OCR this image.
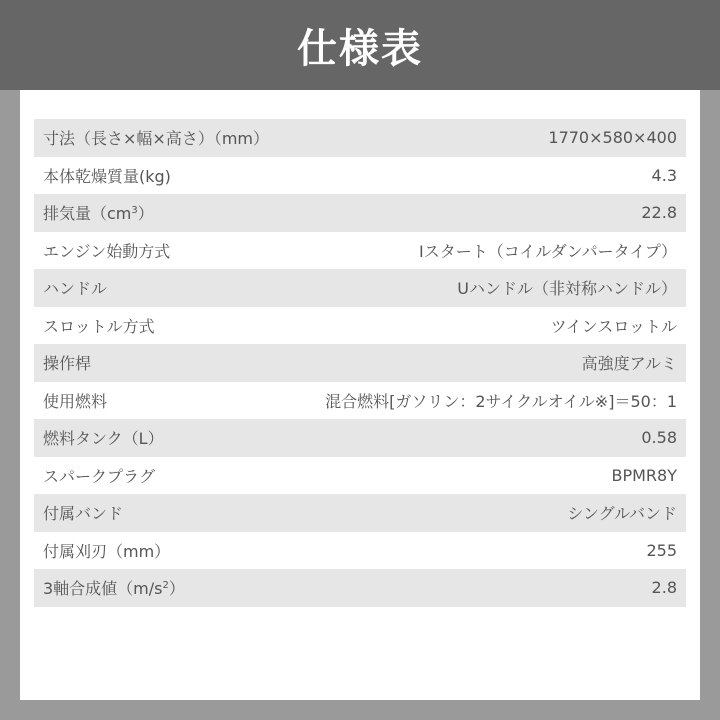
仕様表
寸法（長さ×幅×高さ）（mm）	1770×580×400
本体乾燥質量(kg)	4.3
排気量$(cm^3)$	22.8
エンジン始動方式	Iスタート（コイルダンパータイプ）
ハンドル	Uハンドル（非対称ハンドル）
スロットル方式	ツインスロットル
操作桿	高強度アルミ
使用燃料	混合燃料[ガソリン：2サイクルオイル※]＝50：1
燃料タンク（L）	0.58
スパークプラグ	BPMR8Y
付属バンド	シングルバンド
付属刈刃（mm）	255
3軸合成値$(m/s^2)$	2.8
